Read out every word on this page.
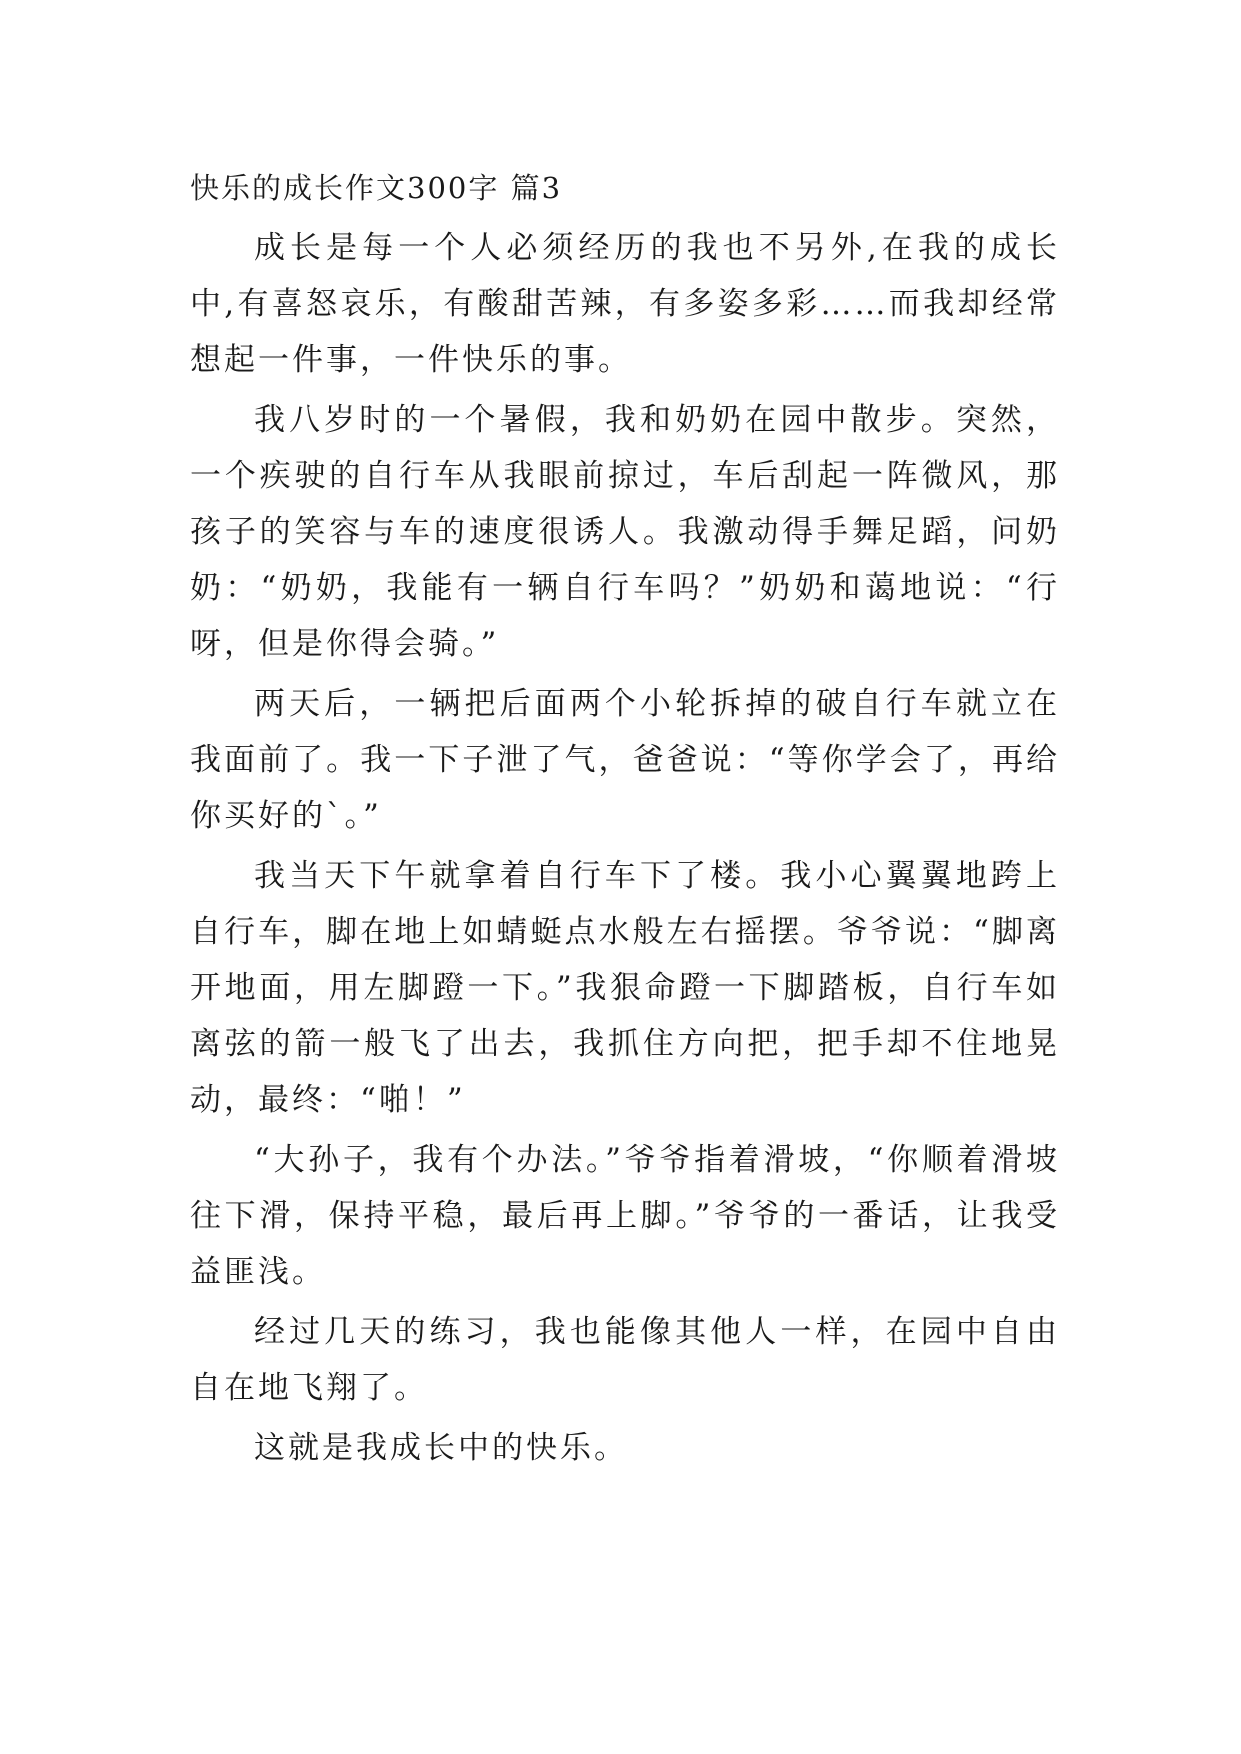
快乐的成长作文300字 篇3

成长是每一个人必须经历的我也不另外,在我的成长中,有喜怒哀乐，有酸甜苦辣，有多姿多彩……而我却经常想起一件事，一件快乐的事。

我八岁时的一个暑假，我和奶奶在园中散步。突然，一个疾驶的自行车从我眼前掠过，车后刮起一阵微风，那孩子的笑容与车的速度很诱人。我激动得手舞足蹈，问奶奶：“奶奶，我能有一辆自行车吗？”奶奶和蔼地说：“行呀，但是你得会骑。”

两天后，一辆把后面两个小轮拆掉的破自行车就立在我面前了。我一下子泄了气，爸爸说：“等你学会了，再给你买好的`。”

我当天下午就拿着自行车下了楼。我小心翼翼地跨上自行车，脚在地上如蜻蜓点水般左右摇摆。爷爷说：“脚离开地面，用左脚蹬一下。”我狠命蹬一下脚踏板，自行车如离弦的箭一般飞了出去，我抓住方向把，把手却不住地晃动，最终：“啪！”

“大孙子，我有个办法。”爷爷指着滑坡，“你顺着滑坡往下滑，保持平稳，最后再上脚。”爷爷的一番话，让我受益匪浅。

经过几天的练习，我也能像其他人一样，在园中自由自在地飞翔了。

这就是我成长中的快乐。
